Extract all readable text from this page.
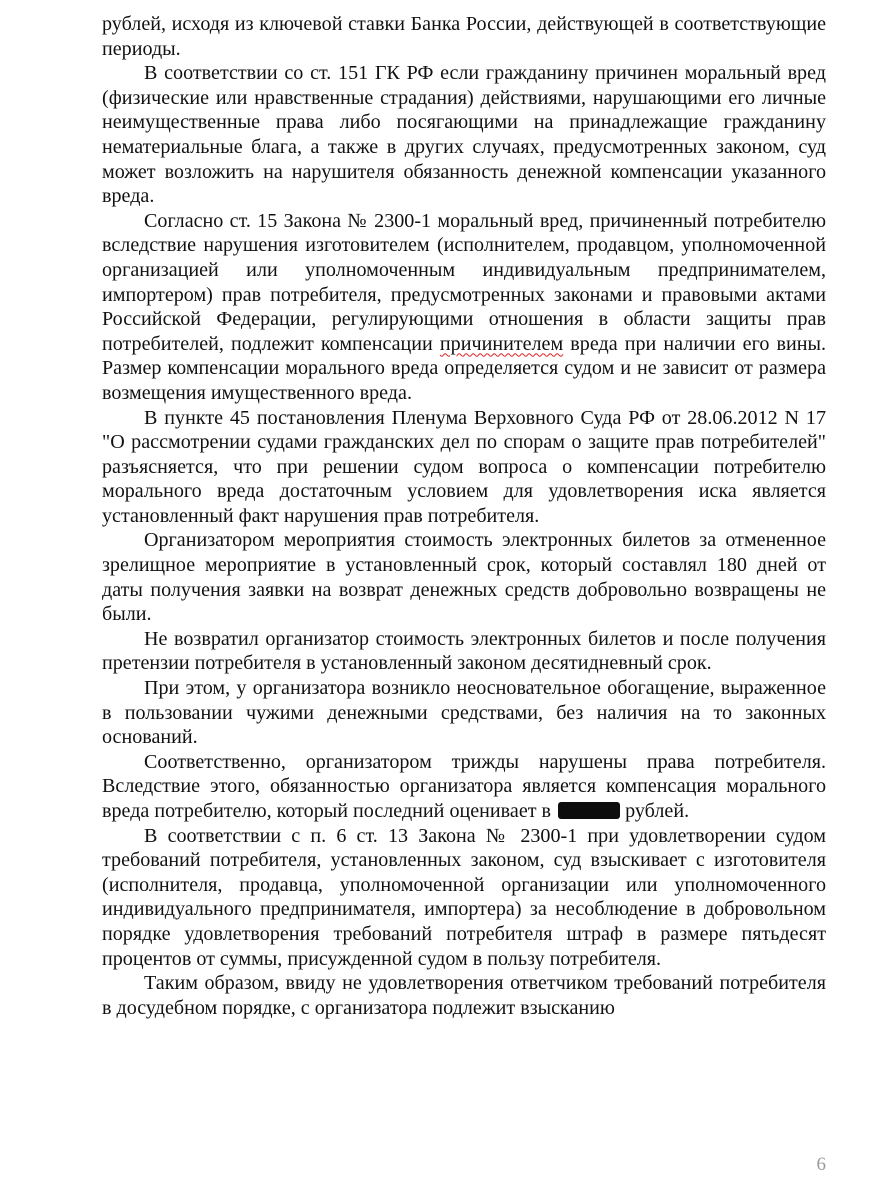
рублей, исходя из ключевой ставки Банка России, действующей в соответствующие периоды.

В соответствии со ст. 151 ГК РФ если гражданину причинен моральный вред (физические или нравственные страдания) действиями, нарушающими его личные неимущественные права либо посягающими на принадлежащие гражданину нематериальные блага, а также в других случаях, предусмотренных законом, суд может возложить на нарушителя обязанность денежной компенсации указанного вреда.

Согласно ст. 15 Закона № 2300-1 моральный вред, причиненный потребителю вследствие нарушения изготовителем (исполнителем, продавцом, уполномоченной организацией или уполномоченным индивидуальным предпринимателем, импортером) прав потребителя, предусмотренных законами и правовыми актами Российской Федерации, регулирующими отношения в области защиты прав потребителей, подлежит компенсации причинителем вреда при наличии его вины. Размер компенсации морального вреда определяется судом и не зависит от размера возмещения имущественного вреда.

В пункте 45 постановления Пленума Верховного Суда РФ от 28.06.2012 N 17 "О рассмотрении судами гражданских дел по спорам о защите прав потребителей" разъясняется, что при решении судом вопроса о компенсации потребителю морального вреда достаточным условием для удовлетворения иска является установленный факт нарушения прав потребителя.

Организатором мероприятия стоимость электронных билетов за отмененное зрелищное мероприятие в установленный срок, который составлял 180 дней от даты получения заявки на возврат денежных средств добровольно возвращены не были.

Не возвратил организатор стоимость электронных билетов и после получения претензии потребителя в установленный законом десятидневный срок.

При этом, у организатора возникло неосновательное обогащение, выраженное в пользовании чужими денежными средствами, без наличия на то законных оснований.

Соответственно, организатором трижды нарушены права потребителя. Вследствие этого, обязанностью организатора является компенсация морального вреда потребителю, который последний оценивает в	рублей.

В соответствии с п. 6 ст. 13 Закона № 2300-1 при удовлетворении судом требований потребителя, установленных законом, суд взыскивает с изготовителя (исполнителя, продавца, уполномоченной организации или уполномоченного индивидуального предпринимателя, импортера) за несоблюдение в добровольном порядке удовлетворения требований потребителя штраф в размере пятьдесят процентов от суммы, присужденной судом в пользу потребителя.

Таким образом, ввиду не удовлетворения ответчиком требований потребителя в досудебном порядке, с организатора подлежит взысканию

6
